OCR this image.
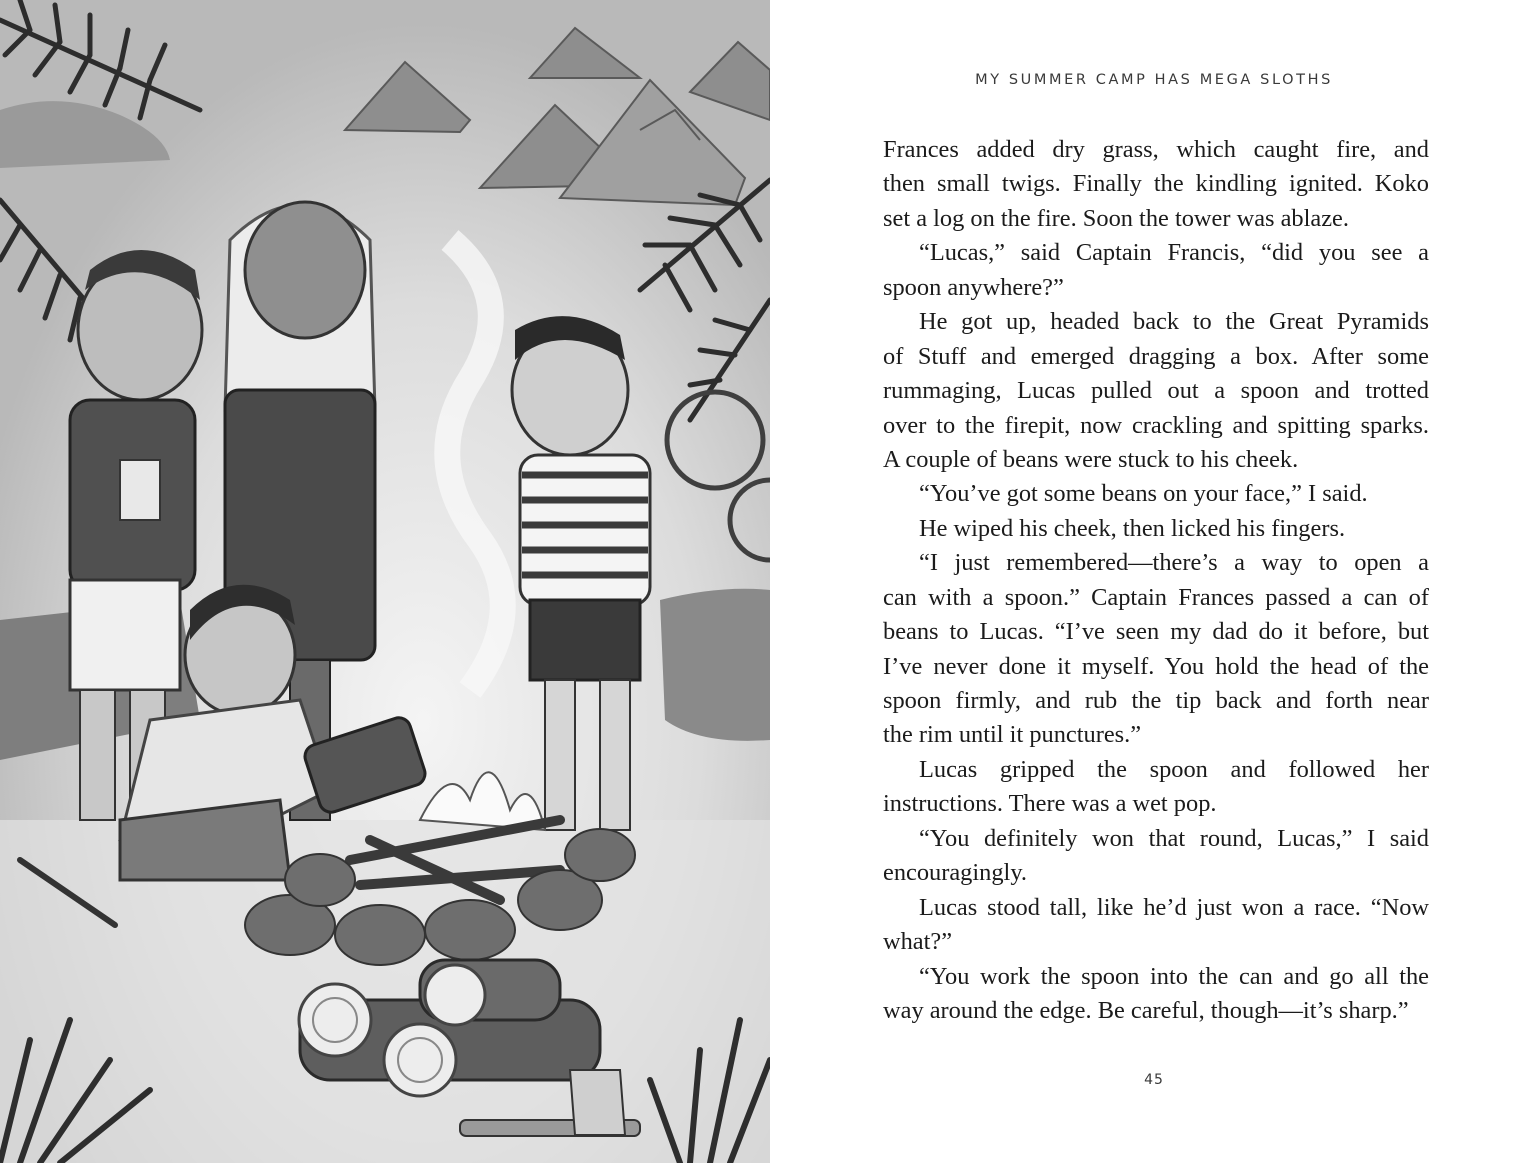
MY SUMMER CAMP HAS MEGA SLOTHS

Frances added dry grass, which caught fire, and
then small twigs. Finally the kindling ignited. Koko
set a log on the fire. Soon the tower was ablaze.
“Lucas,” said Captain Francis, “did you see a
spoon anywhere?”
He got up, headed back to the Great Pyramids
of Stuff and emerged dragging a box. After some
rummaging, Lucas pulled out a spoon and trotted
over to the firepit, now crackling and spitting sparks.
A couple of beans were stuck to his cheek.
“You’ve got some beans on your face,” I said.
He wiped his cheek, then licked his fingers.
“I just remembered—there’s a way to open a
can with a spoon.” Captain Frances passed a can of
beans to Lucas. “I’ve seen my dad do it before, but
I’ve never done it myself. You hold the head of the
spoon firmly, and rub the tip back and forth near
the rim until it punctures.”
Lucas gripped the spoon and followed her
instructions. There was a wet pop.
“You definitely won that round, Lucas,” I said
encouragingly.
Lucas stood tall, like he’d just won a race. “Now
what?”
“You work the spoon into the can and go all the
way around the edge. Be careful, though—it’s sharp.”

45
